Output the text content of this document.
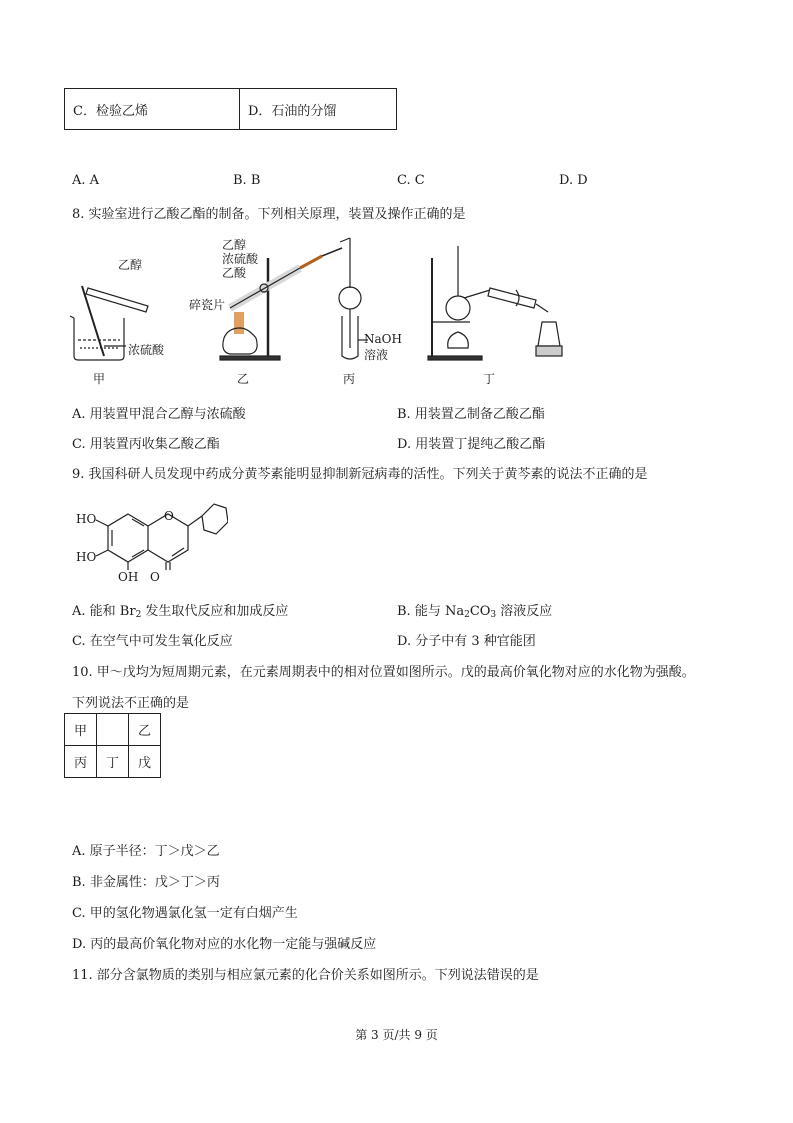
C．检验乙烯	D．石油的分馏
A. A	B. B	C. C	D. D
8. 实验室进行乙酸乙酯的制备。下列相关原理，装置及操作正确的是
乙醇
浓硫酸
乙醇
浓硫酸
乙酸
碎瓷片
NaOH
溶液
甲	乙	丙	丁
A. 用装置甲混合乙醇与浓硫酸	B. 用装置乙制备乙酸乙酯
C. 用装置丙收集乙酸乙酯	D. 用装置丁提纯乙酸乙酯
9. 我国科研人员发现中药成分黄芩素能明显抑制新冠病毒的活性。下列关于黄芩素的说法不正确的是
HO
HO
OH O
O
A. 能和 $Br_2$ 发生取代反应和加成反应	B. 能与 $Na_2CO_3$ 溶液反应
C. 在空气中可发生氧化反应	D. 分子中有 3 种官能团
10. 甲～戊均为短周期元素，在元素周期表中的相对位置如图所示。戊的最高价氧化物对应的水化物为强酸。
下列说法不正确的是
甲		乙
丙	丁	戊
A. 原子半径：丁＞戊＞乙
B. 非金属性：戊＞丁＞丙
C. 甲的氢化物遇氯化氢一定有白烟产生
D. 丙的最高价氧化物对应的水化物一定能与强碱反应
11. 部分含氯物质的类别与相应氯元素的化合价关系如图所示。下列说法错误的是
第 3 页/共 9 页
